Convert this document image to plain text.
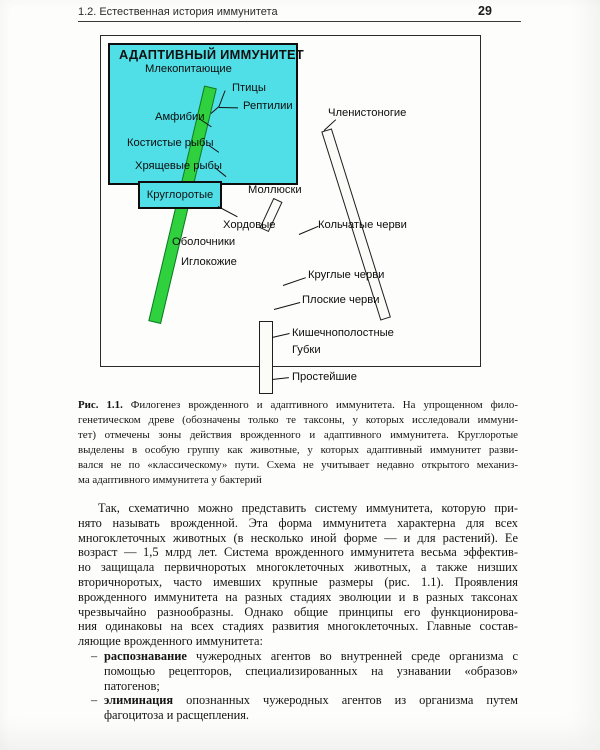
1.2. Естественная история иммунитета	29
АДАПТИВНЫЙ ИММУНИТЕТ
Круглоротые
Млекопитающие
Птицы
Рептилии
Амфибии
Костистые рыбы
Хрящевые рыбы
Хордовые
Членистоногие
Моллюски
Кольчатые черви
Оболочники
Иглокожие
Круглые черви
Плоские черви
Кишечнополостные
Губки
Простейшие
Рис. 1.1. Филогенез врожденного и адаптивного иммунитета. На упрощенном фило-
генетическом древе (обозначены только те таксоны, у которых исследовали иммуни-
тет) отмечены зоны действия врожденного и адаптивного иммунитета. Круглоротые
выделены в особую группу как животные, у которых адаптивный иммунитет разви-
вался не по «классическому» пути. Схема не учитывает недавно открытого механиз-
ма адаптивного иммунитета у бактерий
Так, схематично можно представить систему иммунитета, которую при-
нято называть врожденной. Эта форма иммунитета характерна для всех
многоклеточных животных (в несколько иной форме — и для растений). Ее
возраст — 1,5 млрд лет. Система врожденного иммунитета весьма эффектив-
но защищала первичноротых многоклеточных животных, а также низших
вторичноротых, часто имевших крупные размеры (рис. 1.1). Проявления
врожденного иммунитета на разных стадиях эволюции и в разных таксонах
чрезвычайно разнообразны. Однако общие принципы его функционирова-
ния одинаковы на всех стадиях развития многоклеточных. Главные состав-
ляющие врожденного иммунитета:
– распознавание чужеродных агентов во внутренней среде организма с
помощью рецепторов, специализированных на узнавании «образов»
патогенов;
– элиминация опознанных чужеродных агентов из организма путем
фагоцитоза и расщепления.
